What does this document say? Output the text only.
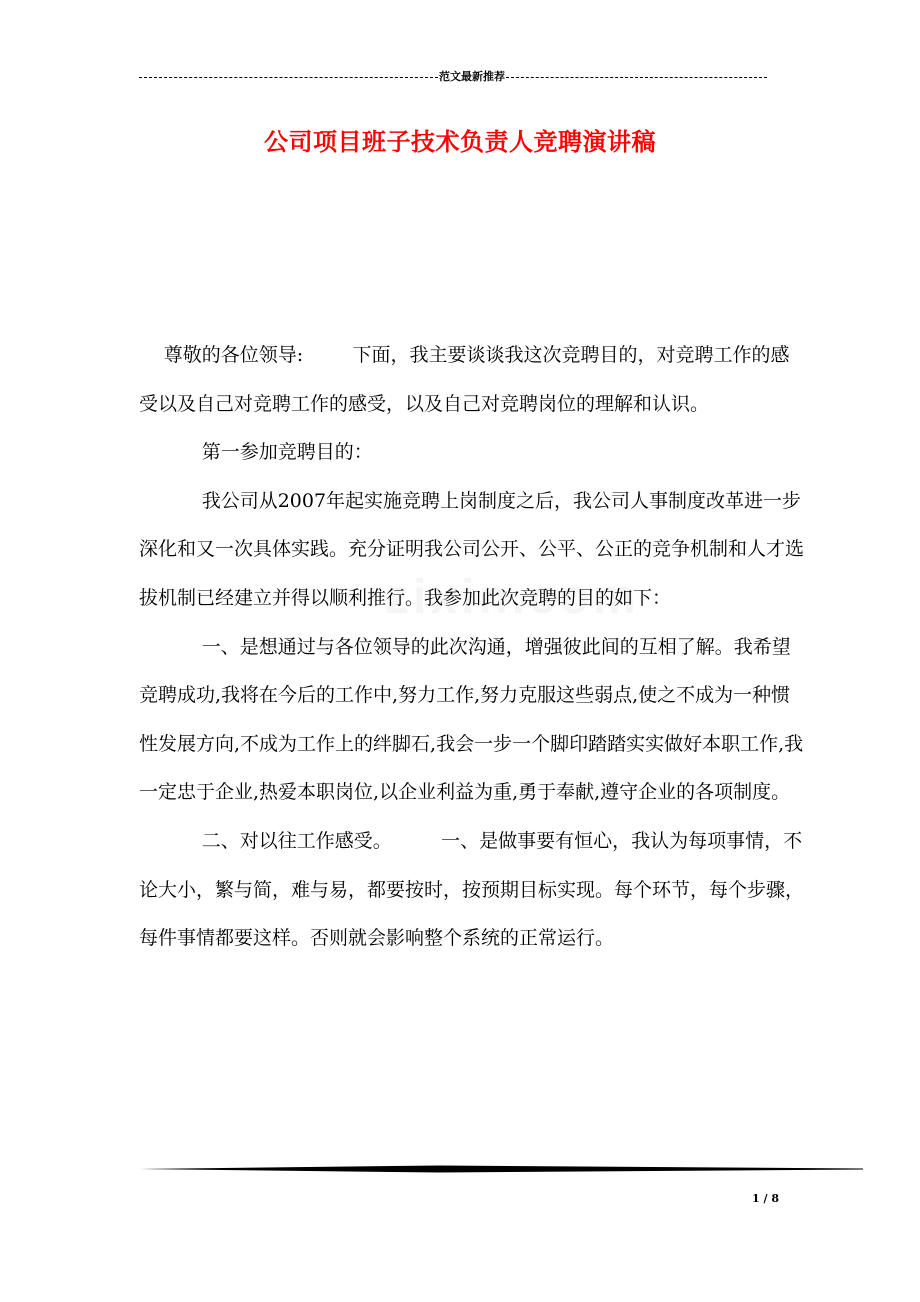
范文最新推荐
公司项目班子技术负责人竞聘演讲稿

尊敬的各位领导:	下面，我主要谈谈我这次竞聘目的，对竞聘工作的感受以及自己对竞聘工作的感受，以及自己对竞聘岗位的理解和认识。

第一参加竞聘目的：

我公司从2007年起实施竞聘上岗制度之后，我公司人事制度改革进一步深化和又一次具体实践。充分证明我公司公开、公平、公正的竞争机制和人才选拔机制已经建立并得以顺利推行。我参加此次竞聘的目的如下：

一、是想通过与各位领导的此次沟通，增强彼此间的互相了解。我希望竞聘成功,我将在今后的工作中,努力工作,努力克服这些弱点,使之不成为一种惯性发展方向,不成为工作上的绊脚石,我会一步一个脚印踏踏实实做好本职工作,我一定忠于企业,热爱本职岗位,以企业利益为重,勇于奉献,遵守企业的各项制度。

二、对以往工作感受。	一、是做事要有恒心，我认为每项事情，不论大小，繁与简，难与易，都要按时，按预期目标实现。每个环节，每个步骤，每件事情都要这样。否则就会影响整个系统的正常运行。

1 / 8
